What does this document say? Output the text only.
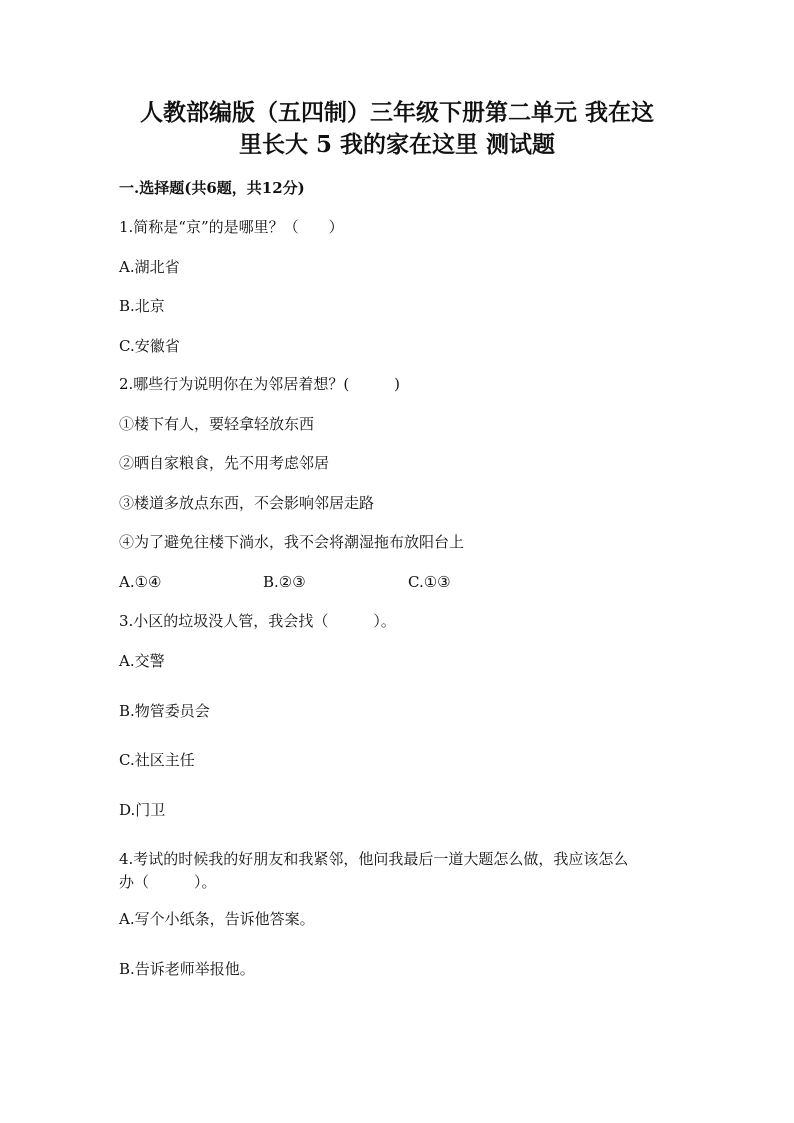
人教部编版（五四制）三年级下册第二单元 我在这
里长大 5 我的家在这里 测试题

一.选择题(共6题，共12分)

1.简称是“京”的是哪里？（　　）

A.湖北省

B.北京

C.安徽省

2.哪些行为说明你在为邻居着想？(　　　)

①楼下有人，要轻拿轻放东西

②晒自家粮食，先不用考虑邻居

③楼道多放点东西，不会影响邻居走路

④为了避免往楼下淌水，我不会将潮湿拖布放阳台上

A.①④	B.②③	C.①③

3.小区的垃圾没人管，我会找（　　　）。

A.交警

B.物管委员会

C.社区主任

D.门卫

4.考试的时候我的好朋友和我紧邻，他问我最后一道大题怎么做，我应该怎么

办（　　　）。

A.写个小纸条，告诉他答案。

B.告诉老师举报他。
